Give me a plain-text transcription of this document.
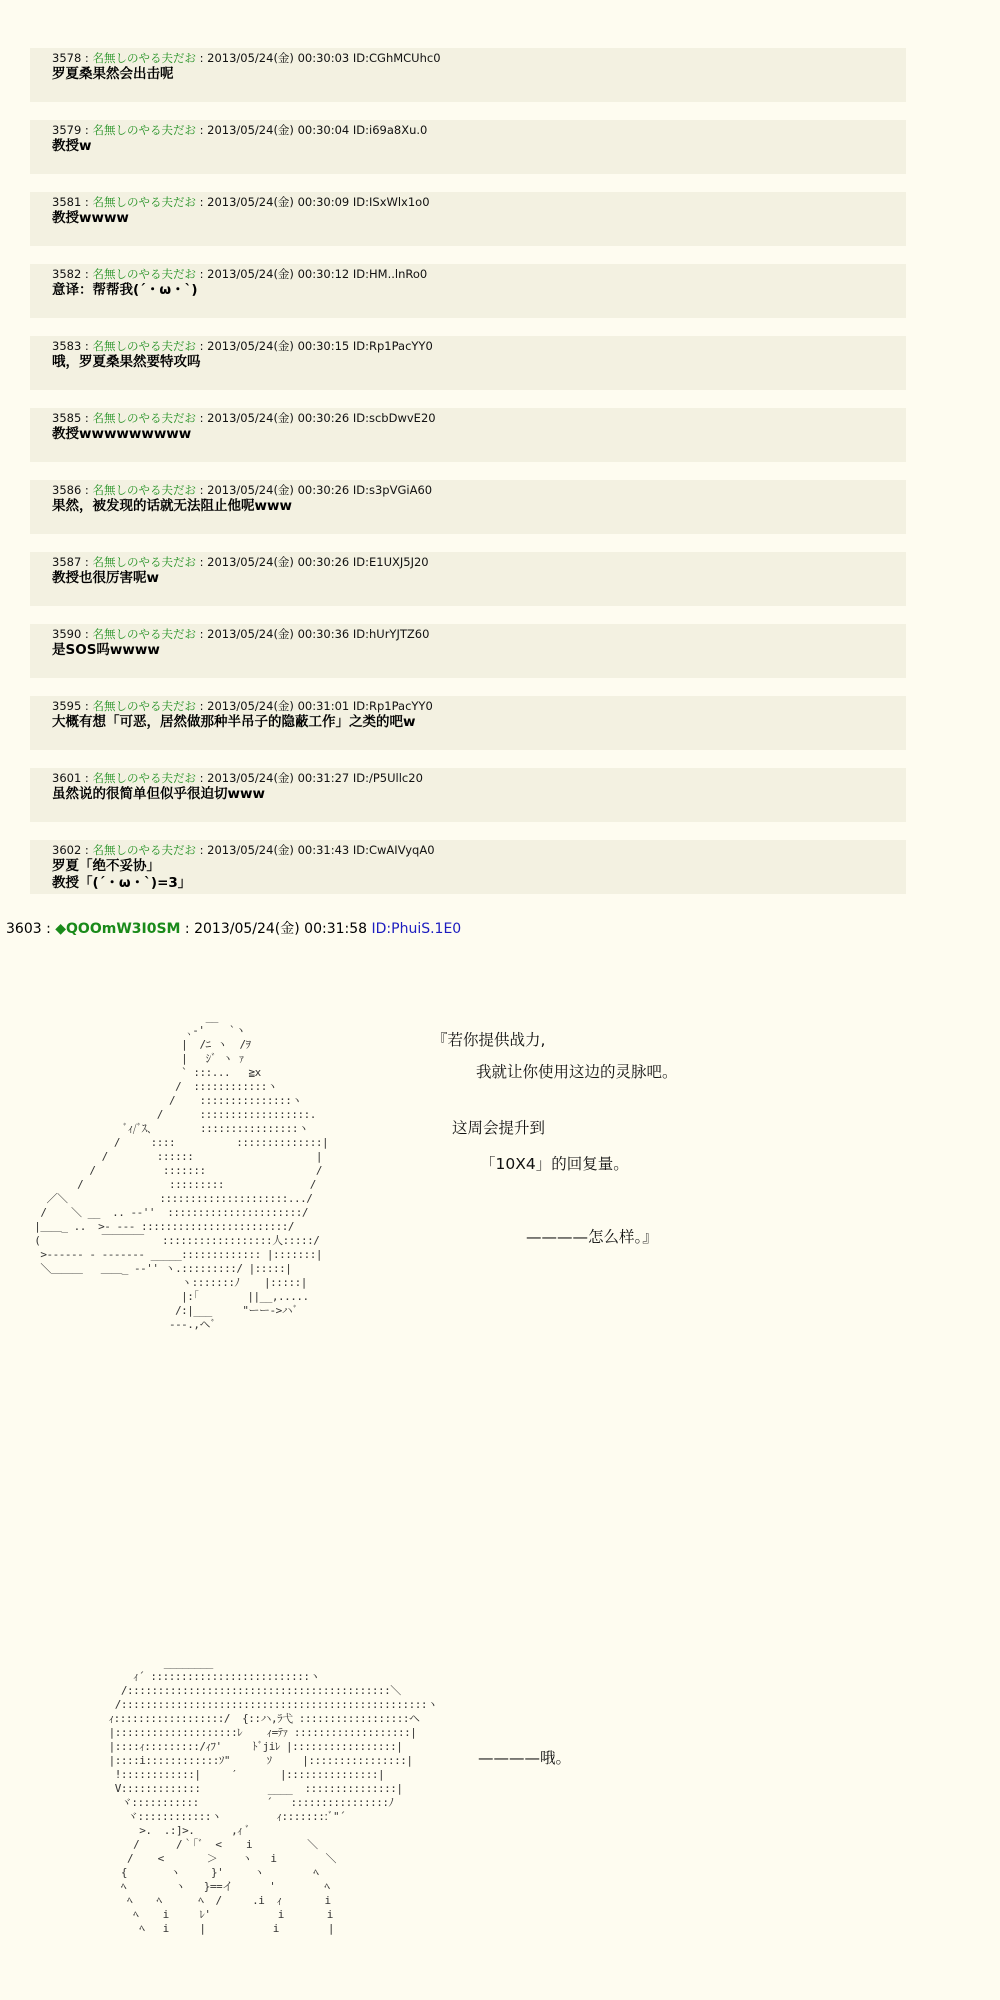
3578 : 名無しのやる夫だお : 2013/05/24(金) 00:30:03 ID:CGhMCUhc0
罗夏桑果然会出击呢
3579 : 名無しのやる夫だお : 2013/05/24(金) 00:30:04 ID:i69a8Xu.0
教授w
3581 : 名無しのやる夫だお : 2013/05/24(金) 00:30:09 ID:ISxWlx1o0
教授wwww
3582 : 名無しのやる夫だお : 2013/05/24(金) 00:30:12 ID:HM..lnRo0
意译：帮帮我(´・ω・`)
3583 : 名無しのやる夫だお : 2013/05/24(金) 00:30:15 ID:Rp1PacYY0
哦，罗夏桑果然要特攻吗
3585 : 名無しのやる夫だお : 2013/05/24(金) 00:30:26 ID:scbDwvE20
教授wwwwwwwww
3586 : 名無しのやる夫だお : 2013/05/24(金) 00:30:26 ID:s3pVGiA60
果然，被发现的话就无法阻止他呢www
3587 : 名無しのやる夫だお : 2013/05/24(金) 00:30:26 ID:E1UXJ5J20
教授也很厉害呢w
3590 : 名無しのやる夫だお : 2013/05/24(金) 00:30:36 ID:hUrYJTZ60
是SOS吗wwww
3595 : 名無しのやる夫だお : 2013/05/24(金) 00:31:01 ID:Rp1PacYY0
大概有想「可恶，居然做那种半吊子的隐蔽工作」之类的吧w
3601 : 名無しのやる夫だお : 2013/05/24(金) 00:31:27 ID:/P5Ullc20
虽然说的很简单但似乎很迫切www
3602 : 名無しのやる夫だお : 2013/05/24(金) 00:31:43 ID:CwAIVyqA0
罗夏「绝不妥协」
教授「(´・ω・`)=3」
3603 : ◆QOOmW3I0SM : 2013/05/24(金) 00:31:58 ID:PhuiS.1E0
__
､‐'    `ヽ
|  /ﾆ ヽ  /ｦ
|   ｼﾞ ヽ ｧ
` :::...   ≧x
/  ::::::::::::ヽ
/    :::::::::::::::ヽ
/      ::::::::::::::::::.
ﾞｨ/ﾞｽ、       ::::::::::::::::ヽ
/     ::::          ::::::::::::::|
/        ::::::                    |
/           :::::::                  /
/              :::::::::              /
／＼               :::::::::::::::::::::.../
/    ＼ __  .. -‐''  ::::::::::::::::::::::/
|＿＿_ ..  >‐ ‐‐‐ ::::::::::::::::::::::::/
(          ￣￣￣￣   ::::::::::::::::::人:::::/
>‐‐‐‐‐‐ ‐ ‐‐‐‐‐‐‐ _____::::::::::::: |:::::::|
＼＿＿＿   ＿＿_ ‐‐'' ヽ.:::::::::/ |:::::|
ヽ:::::::ﾉ    |:::::|
|:｢        ||__,.....
/:|___     "ーー->ハﾞ
‐‐‐.,ヘﾞ

『若你提供战力,
我就让你使用这边的灵脉吧。
这周会提升到
「10X4」的回复量。
————怎么样。』
________
ｨ´ ::::::::::::::::::::::::::ヽ
/:::::::::::::::::::::::::::::::::::::::::::＼
/::::::::::::::::::::::::::::::::::::::::::::::::::ヽ
ｨ::::::::::::::::::/  {::ハ,ﾗ弋 ::::::::::::::::::ヘ
|::::::::::::::::::::ﾚ    ｨ=ﾃｧ :::::::::::::::::::|
|::::ｨ:::::::::/ｨﾌ'     ﾄﾞjiﾚ |:::::::::::::::::|
|::::i::::::::::::ｿ"      ｿ     |::::::::::::::::|
!::::::::::::|     ′       |:::::::::::::::|
V:::::::::::::           ____  :::::::::::::::|
ヾ:::::::::::           ´   ::::::::::::::::ﾉ
ヾ::::::::::::ヽ         ｨ::::::::ﾞ"´
>.  .:]>.      ,ｨ ﾞ
/      /｀｢ﾞ  <    i         ＼
/    <       ＞    ヽ   i        ＼
{       ヽ     }'     ヽ        ﾍ
ﾍ        ヽ   }==イ      '        ﾍ
ﾍ    ﾍ      ﾍ  /     .i  ｨ       i
ﾍ    i     ﾚ'           i       i
ﾍ   i     |           i        |

————哦。
